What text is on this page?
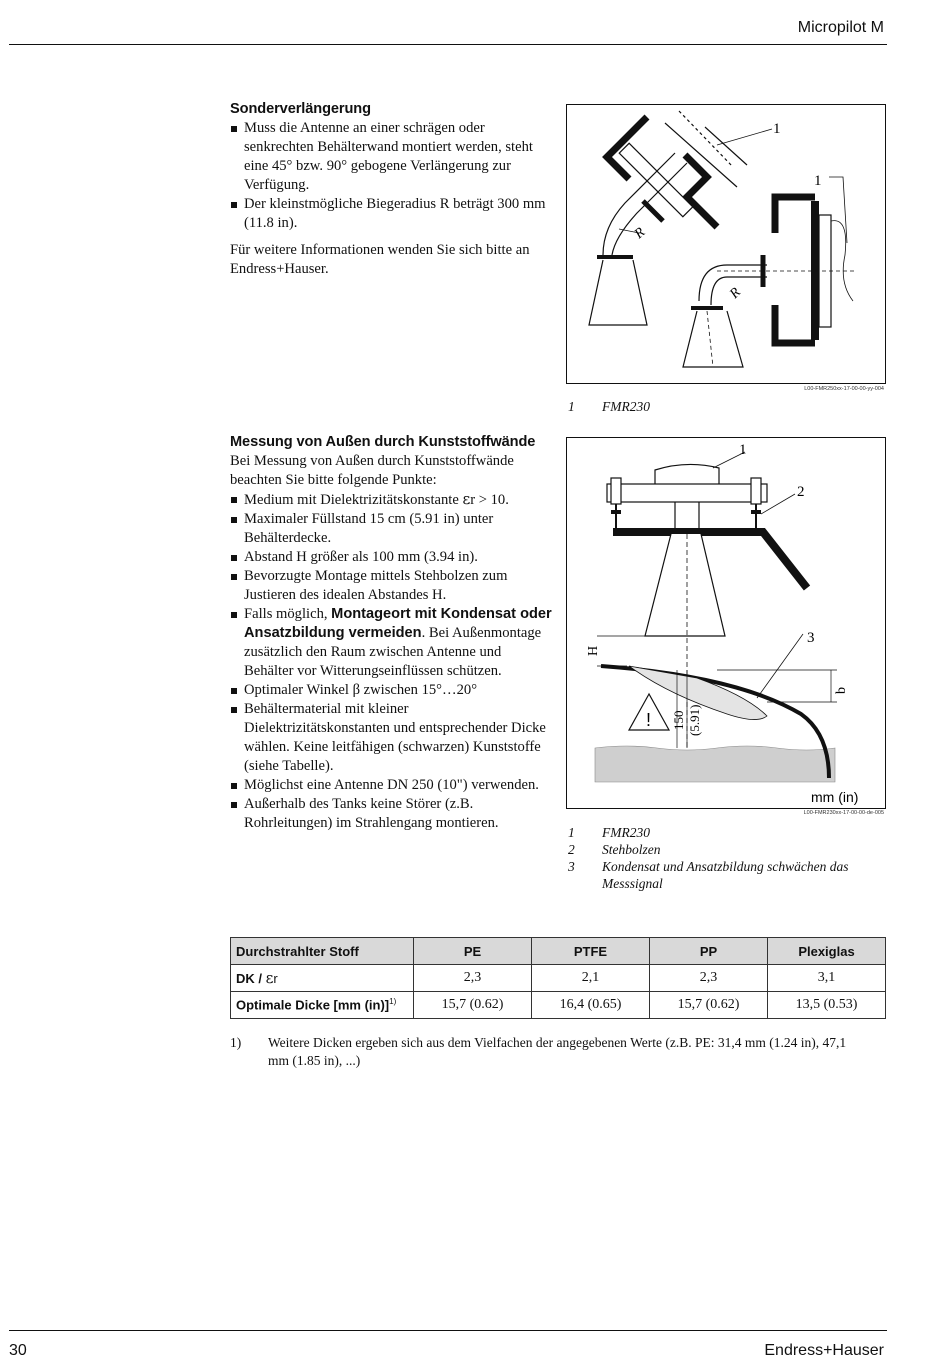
Micropilot M
Sonderverlängerung
Muss die Antenne an einer schrägen oder senkrechten Behälterwand montiert werden, steht eine 45° bzw. 90° gebogene Verlängerung zur Verfügung.
Der kleinstmögliche Biegeradius R beträgt 300 mm (11.8 in).

Für weitere Informationen wenden Sie sich bitte an Endress+Hauser.

R
1
R
1
L00-FMR250xx-17-00-00-yy-004
1	FMR230
Messung von Außen durch Kunststoffwände

Bei Messung von Außen durch Kunststoffwände beachten Sie bitte folgende Punkte:

Medium mit Dielektrizitätskonstante εr > 10.
Maximaler Füllstand 15 cm (5.91 in) unter Behälterdecke.
Abstand H größer als 100 mm (3.94 in).
Bevorzugte Montage mittels Stehbolzen zum Justieren des idealen Abstandes H.
Falls möglich, Montageort mit Kondensat oder Ansatzbildung vermeiden. Bei Außenmontage zusätzlich den Raum zwischen Antenne und Behälter vor Witterungseinflüssen schützen.
Optimaler Winkel β zwischen 15°…20°
Behältermaterial mit kleiner Dielektrizitätskonstanten und entsprechender Dicke wählen. Keine leitfähigen (schwarzen) Kunststoffe (siehe Tabelle).
Möglichst eine Antenne DN 250 (10") verwenden.
Außerhalb des Tanks keine Störer (z.B. Rohrleitungen) im Strahlengang montieren.
H
b
150 (5.91)
!
1
2
3
mm (in)
L00-FMR230xx-17-00-00-de-005
1	FMR230
2	Stehbolzen
3	Kondensat und Ansatzbildung schwächen das Messsignal
Durchstrahlter Stoff	PE	PTFE	PP	Plexiglas
DK / εr	2,3	2,1	2,3	3,1
Optimale Dicke [mm (in)]$^{1)}$	15,7 (0.62)	16,4 (0.65)	15,7 (0.62)	13,5 (0.53)
1)	Weitere Dicken ergeben sich aus dem Vielfachen der angegebenen Werte (z.B. PE: 31,4 mm (1.24 in), 47,1 mm (1.85 in), ...)
30	Endress+Hauser
